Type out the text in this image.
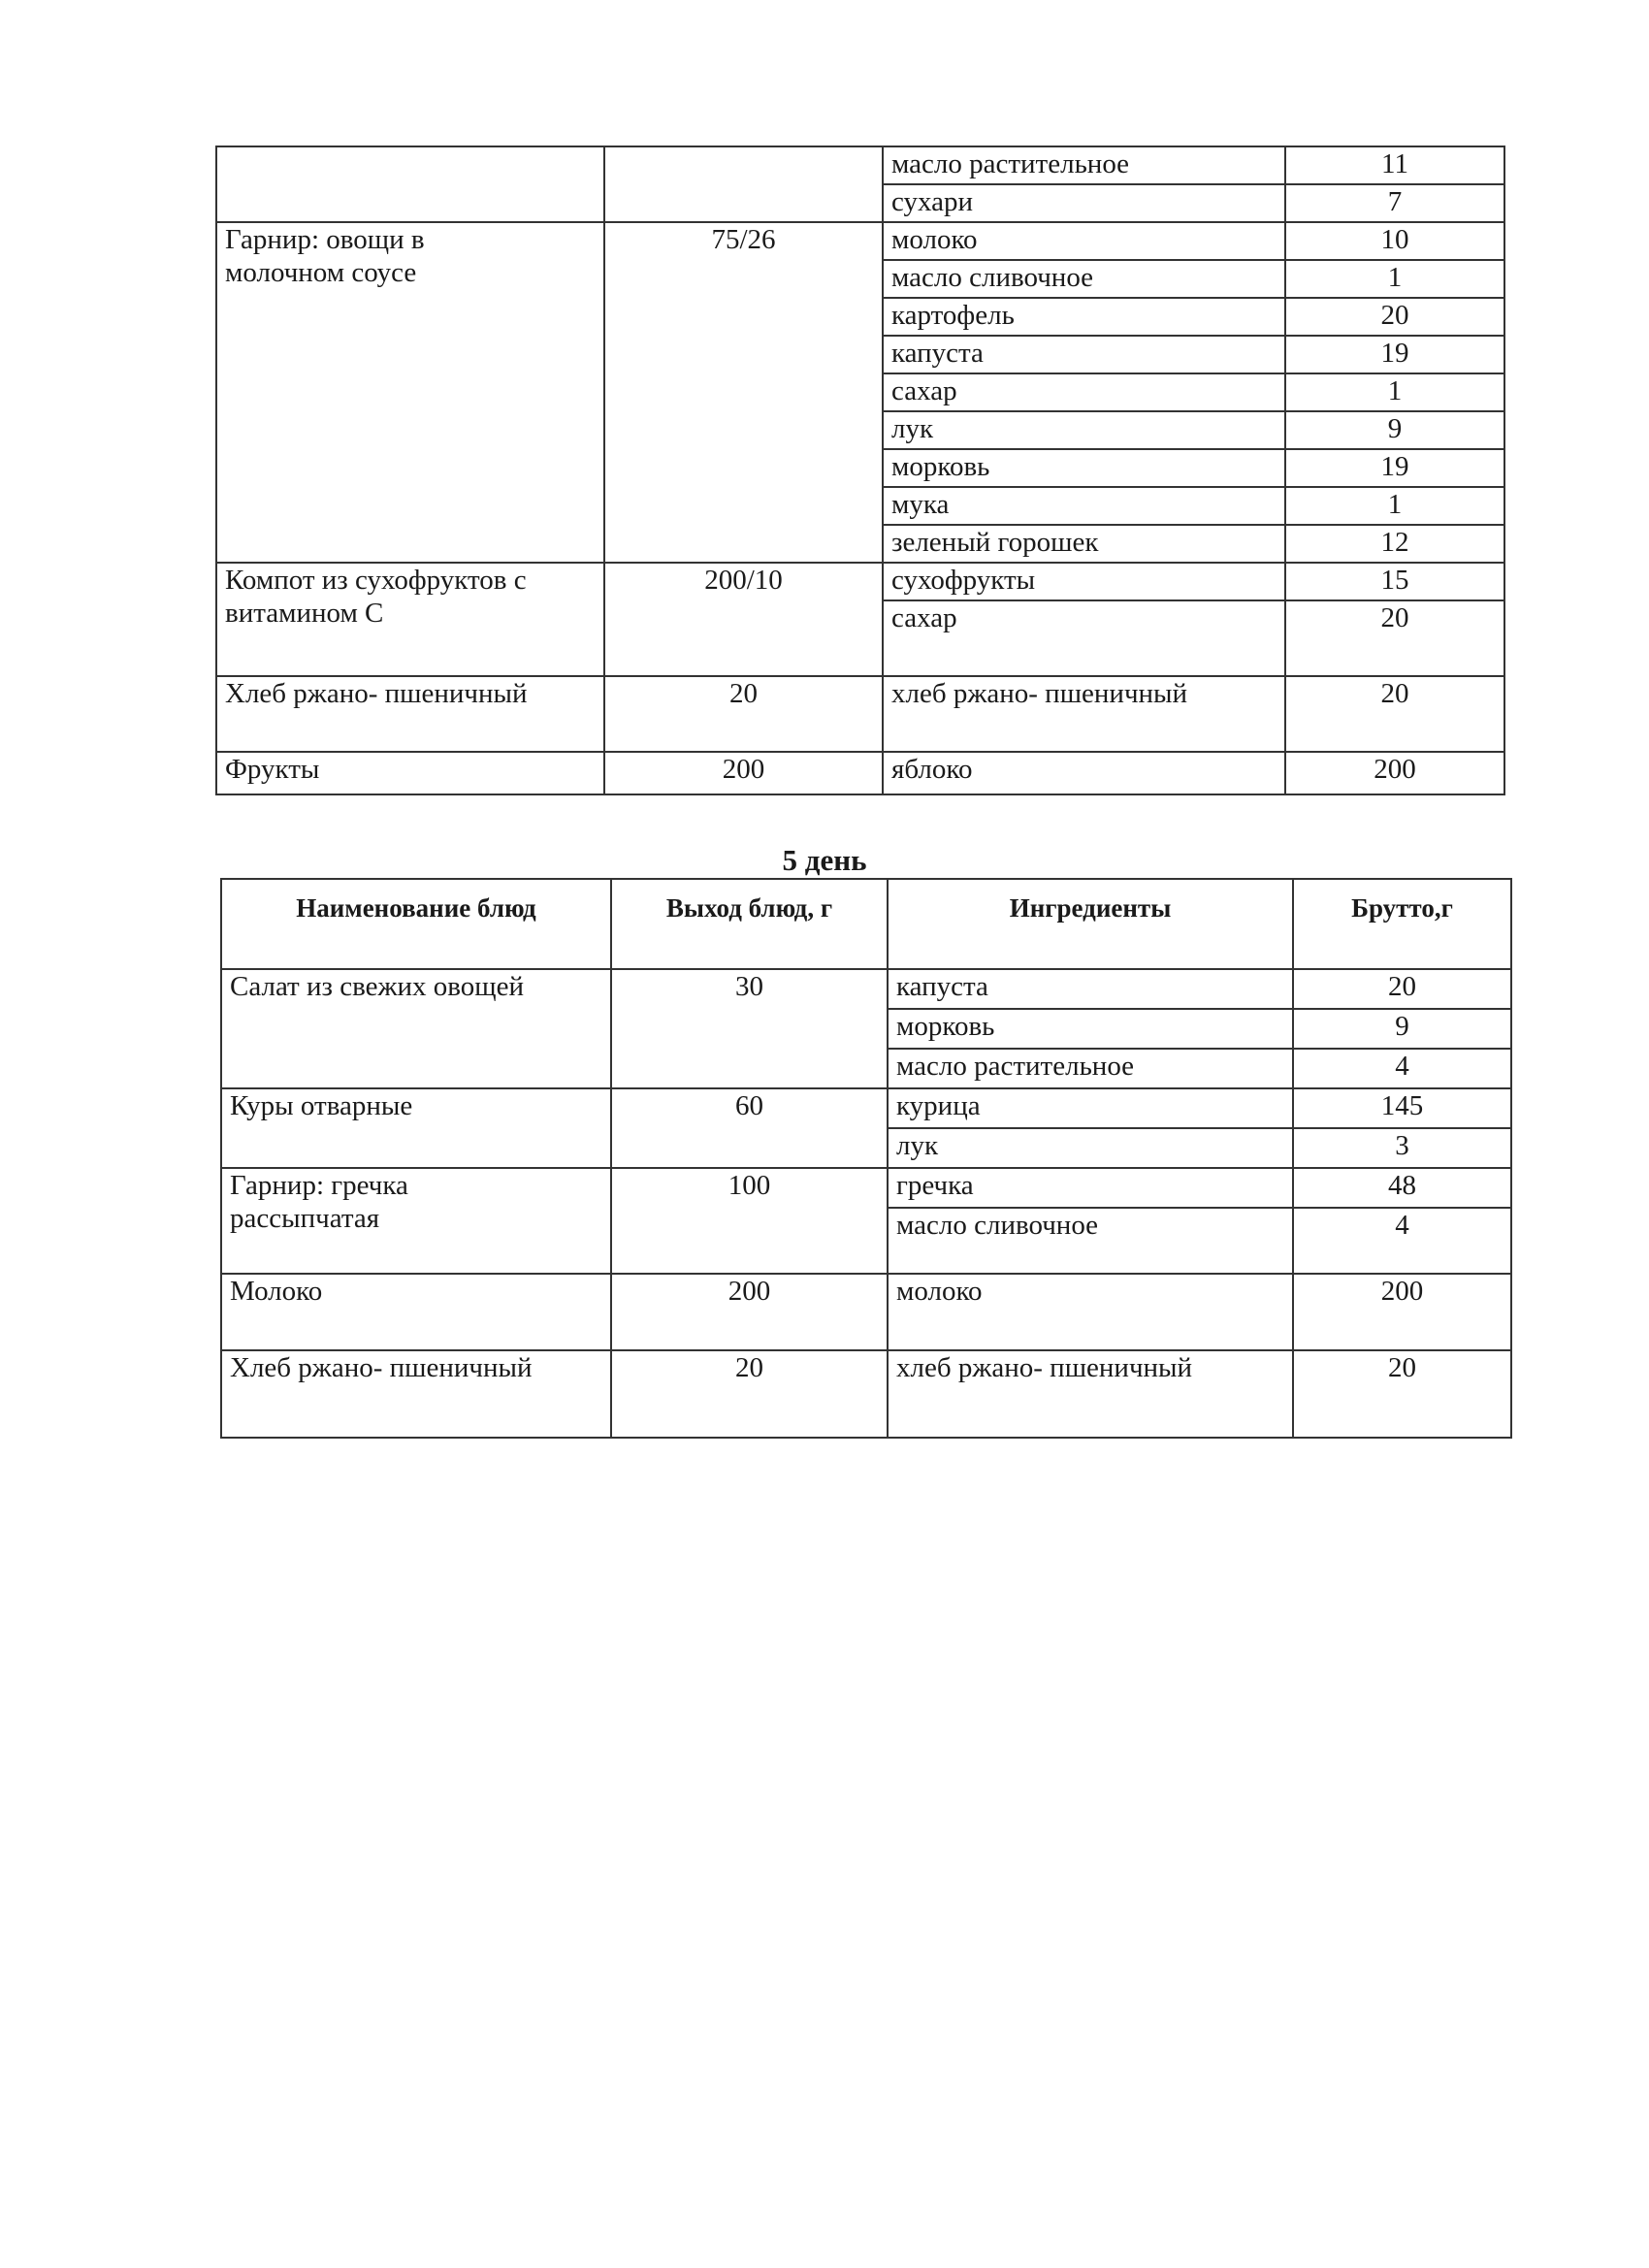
		масло растительное	11
		сухари	7
Гарнир: овощи в
молочном соусе	75/26	молоко	10
		масло сливочное	1
		картофель	20
		капуста	19
		сахар	1
		лук	9
		морковь	19
		мука	1
		зеленый горошек	12
Компот из сухофруктов с
витамином С	200/10	сухофрукты	15
		сахар	20
Хлеб ржано- пшеничный	20	хлеб ржано- пшеничный	20
Фрукты	200	яблоко	200
5 день
Наименование блюд	Выход блюд, г	Ингредиенты	Брутто,г
Салат из свежих овощей	30	капуста	20
		морковь	9
		масло растительное	4
Куры отварные	60	курица	145
		лук	3
Гарнир: гречка
рассыпчатая	100	гречка	48
		масло сливочное	4
Молоко	200	молоко	200
Хлеб ржано- пшеничный	20	хлеб ржано- пшеничный	20
